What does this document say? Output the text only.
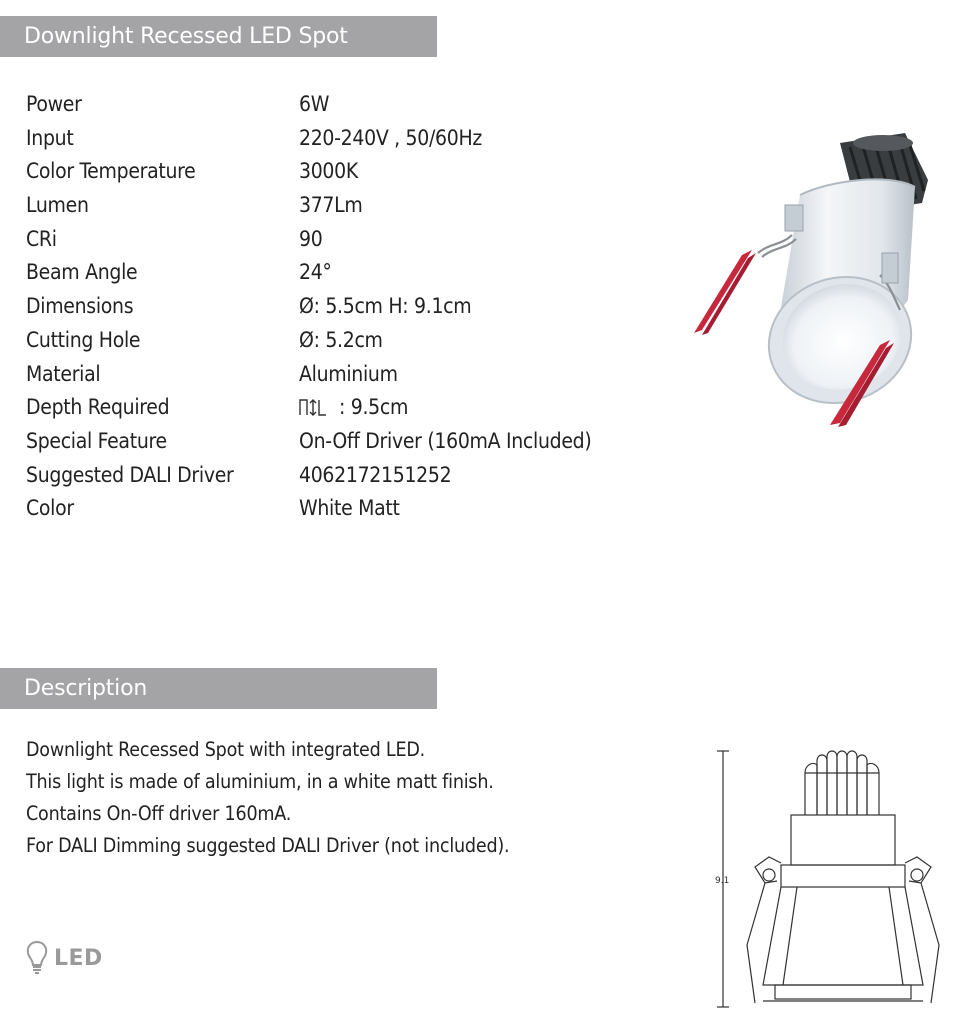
Downlight Recessed LED Spot
Power	6W
Input	220-240V , 50/60Hz
Color Temperature	3000K
Lumen	377Lm
CRi	90
Beam Angle	24°
Dimensions	Ø: 5.5cm H: 9.1cm
Cutting Hole	Ø: 5.2cm
Material	Aluminium
Depth Required	: 9.5cm
Special Feature	On-Off Driver (160mA Included)
Suggested DALI Driver	4062172151252
Color	White Matt
Description
Downlight Recessed Spot with integrated LED.
This light is made of aluminium, in a white matt finish.
Contains On-Off driver 160mA.
For DALI Dimming suggested DALI Driver (not included).
LED
9.1
